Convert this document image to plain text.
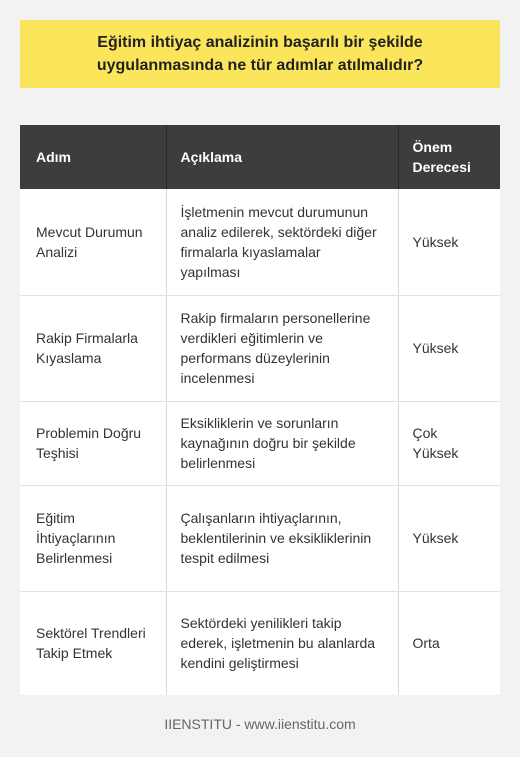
Eğitim ihtiyaç analizinin başarılı bir şekilde
uygulanmasında ne tür adımlar atılmalıdır?
Adım	Açıklama	Önem Derecesi
Mevcut Durumun Analizi	İşletmenin mevcut durumunun analiz edilerek, sektördeki diğer firmalarla kıyaslamalar yapılması	Yüksek
Rakip Firmalarla Kıyaslama	Rakip firmaların personellerine verdikleri eğitimlerin ve performans düzeylerinin incelenmesi	Yüksek
Problemin Doğru Teşhisi	Eksikliklerin ve sorunların kaynağının doğru bir şekilde belirlenmesi	Çok Yüksek
Eğitim İhtiyaçlarının Belirlenmesi	Çalışanların ihtiyaçlarının, beklentilerinin ve eksikliklerinin tespit edilmesi	Yüksek
Sektörel Trendleri Takip Etmek	Sektördeki yenilikleri takip ederek, işletmenin bu alanlarda kendini geliştirmesi	Orta
IIENSTITU - www.iienstitu.com
